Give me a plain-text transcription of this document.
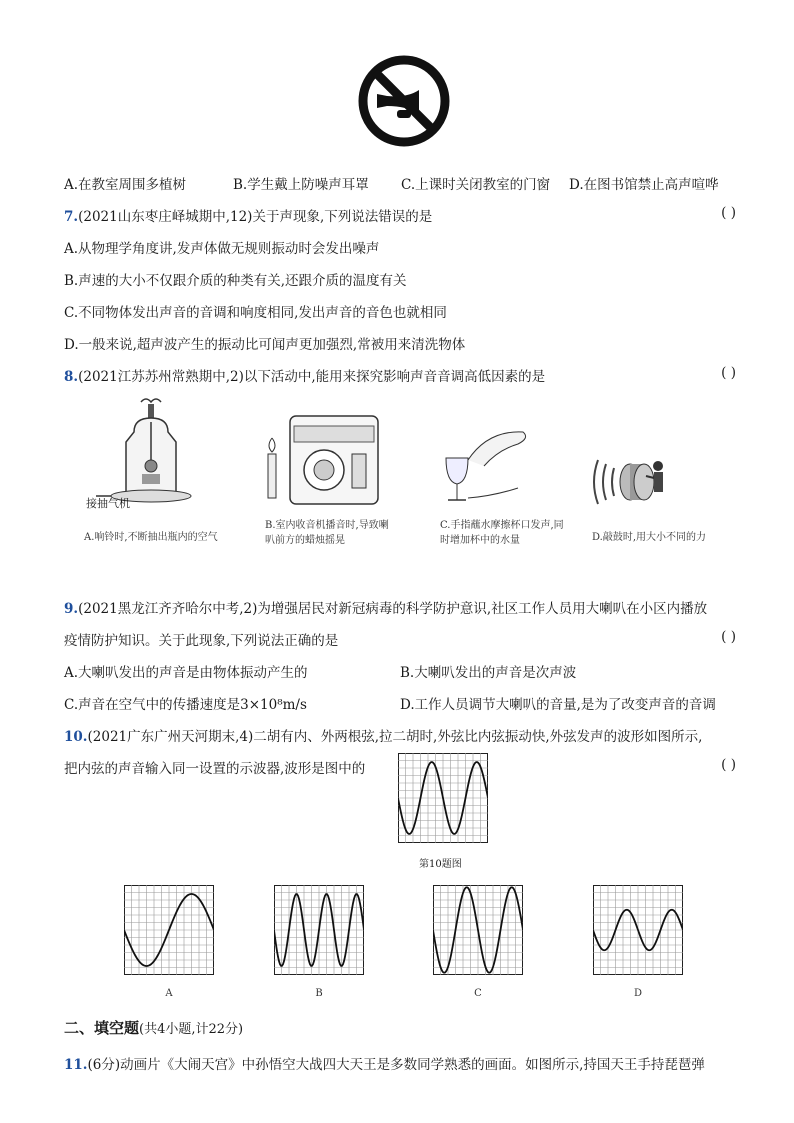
A.在教室周围多植树	B.学生戴上防噪声耳罩 C.上课时关闭教室的门窗 D.在图书馆禁止高声喧哗
7.(2021山东枣庄峄城期中,12)关于声现象,下列说法错误的是	( )
A.从物理学角度讲,发声体做无规则振动时会发出噪声
B.声速的大小不仅跟介质的种类有关,还跟介质的温度有关
C.不同物体发出声音的音调和响度相同,发出声音的音色也就相同
D.一般来说,超声波产生的振动比可闻声更加强烈,常被用来清洗物体
8.(2021江苏苏州常熟期中,2)以下活动中,能用来探究影响声音音调高低因素的是	( )
接抽气机
A.响铃时,不断抽出瓶内的空气
B.室内收音机播音时,导致喇叭前方的蜡烛摇晃
C.手指蘸水摩擦杯口发声,同时增加杯中的水量	D.敲鼓时,用大小不同的力
9.(2021黑龙江齐齐哈尔中考,2)为增强居民对新冠病毒的科学防护意识,社区工作人员用大喇叭在小区内播放
疫情防护知识。关于此现象,下列说法正确的是	( )
A.大喇叭发出的声音是由物体振动产生的	B.大喇叭发出的声音是次声波
C.声音在空气中的传播速度是3×10⁸m/s	D.工作人员调节大喇叭的音量,是为了改变声音的音调
10.(2021广东广州天河期末,4)二胡有内、外两根弦,拉二胡时,外弦比内弦振动快,外弦发声的波形如图所示,
把内弦的声音输入同一设置的示波器,波形是图中的	( )
第10题图
A	B	C	D
二、填空题(共4小题,计22分)
11.(6分)动画片《大闹天宫》中孙悟空大战四大天王是多数同学熟悉的画面。如图所示,持国天王手持琵琶弹
